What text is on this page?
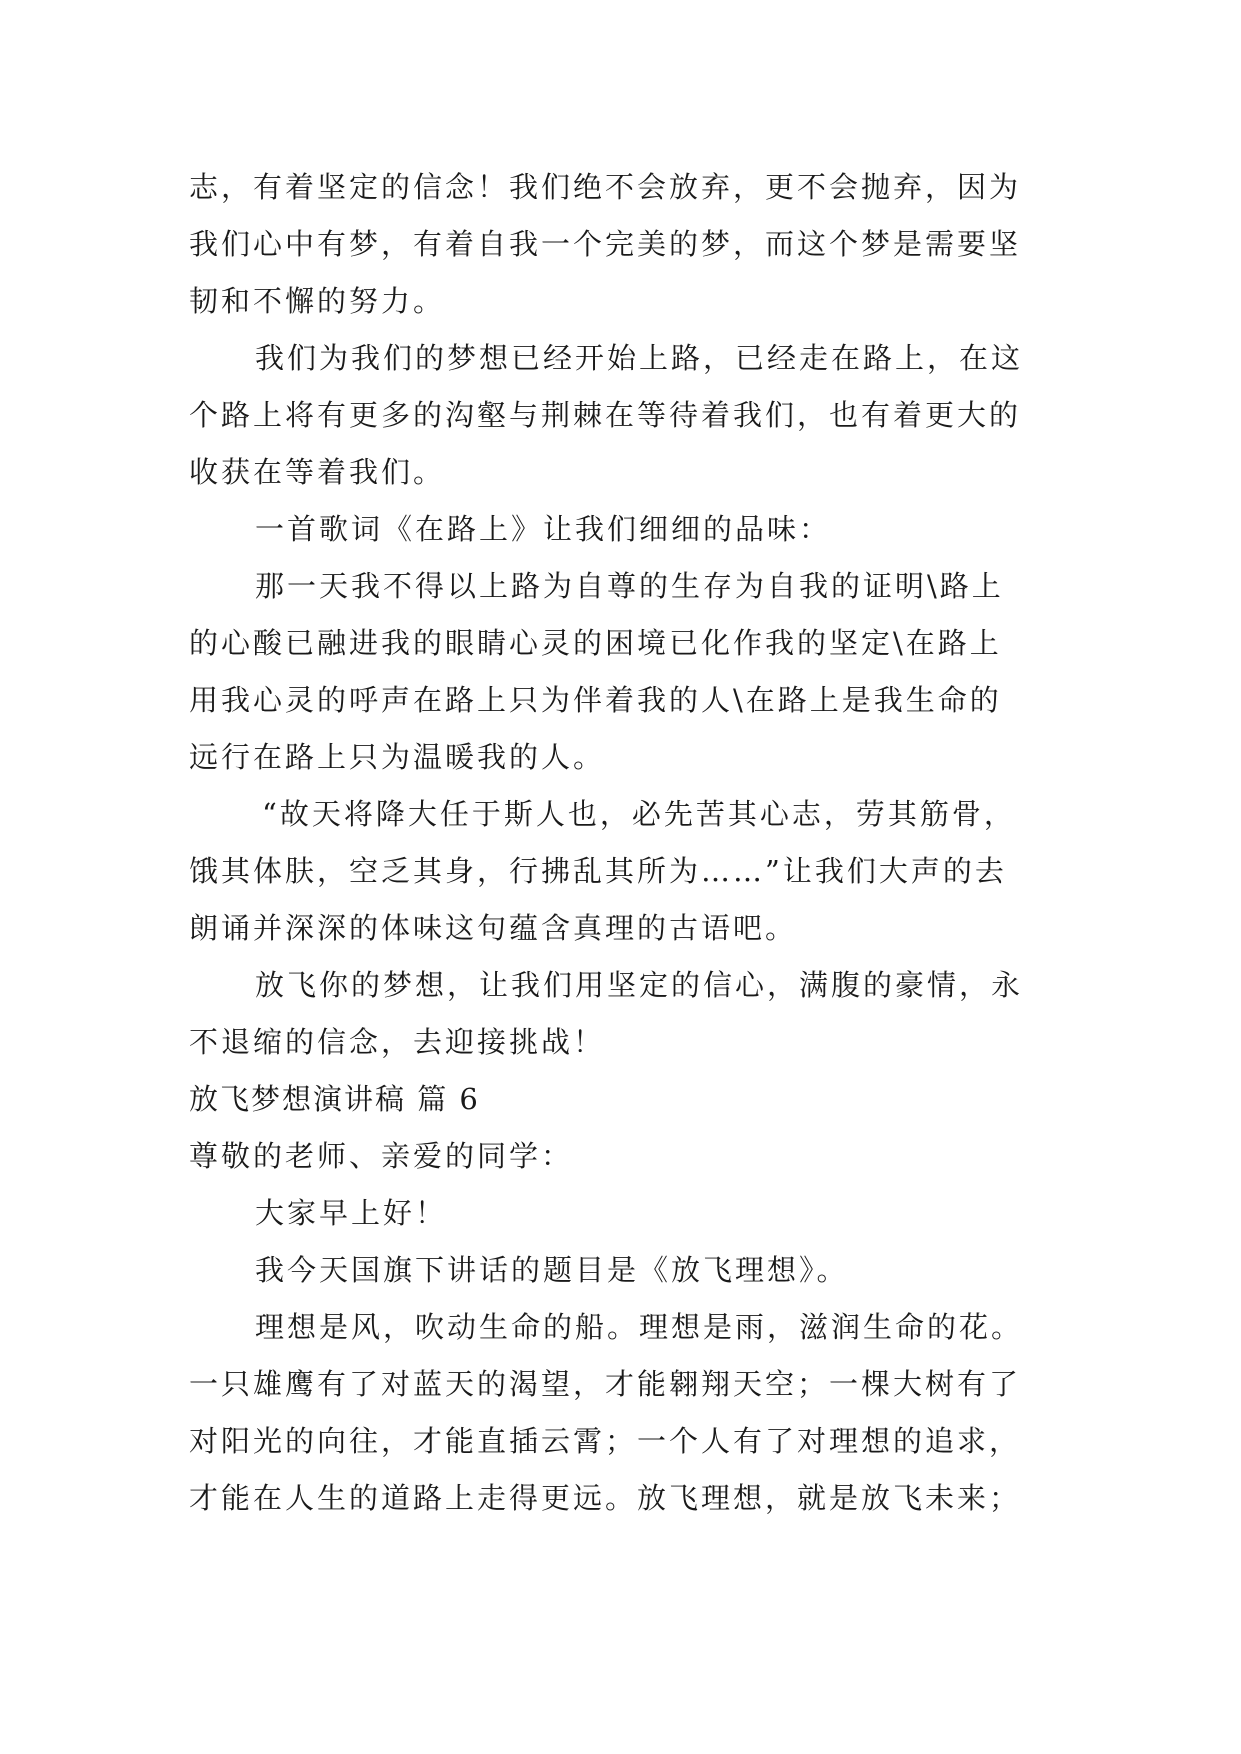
志，有着坚定的信念！我们绝不会放弃，更不会抛弃，因为
我们心中有梦，有着自我一个完美的梦，而这个梦是需要坚
韧和不懈的努力。
我们为我们的梦想已经开始上路，已经走在路上，在这
个路上将有更多的沟壑与荆棘在等待着我们，也有着更大的
收获在等着我们。
一首歌词《在路上》让我们细细的品味：
那一天我不得以上路为自尊的生存为自我的证明\路上
的心酸已融进我的眼睛心灵的困境已化作我的坚定\在路上
用我心灵的呼声在路上只为伴着我的人\在路上是我生命的
远行在路上只为温暖我的人。
“故天将降大任于斯人也，必先苦其心志，劳其筋骨，
饿其体肤，空乏其身，行拂乱其所为……”让我们大声的去
朗诵并深深的体味这句蕴含真理的古语吧。
放飞你的梦想，让我们用坚定的信心，满腹的豪情，永
不退缩的信念，去迎接挑战！
放飞梦想演讲稿 篇 6
尊敬的老师、亲爱的同学：
大家早上好！
我今天国旗下讲话的题目是《放飞理想》。
理想是风，吹动生命的船。理想是雨，滋润生命的花。
一只雄鹰有了对蓝天的渴望，才能翱翔天空；一棵大树有了
对阳光的向往，才能直插云霄；一个人有了对理想的追求，
才能在人生的道路上走得更远。放飞理想，就是放飞未来；
